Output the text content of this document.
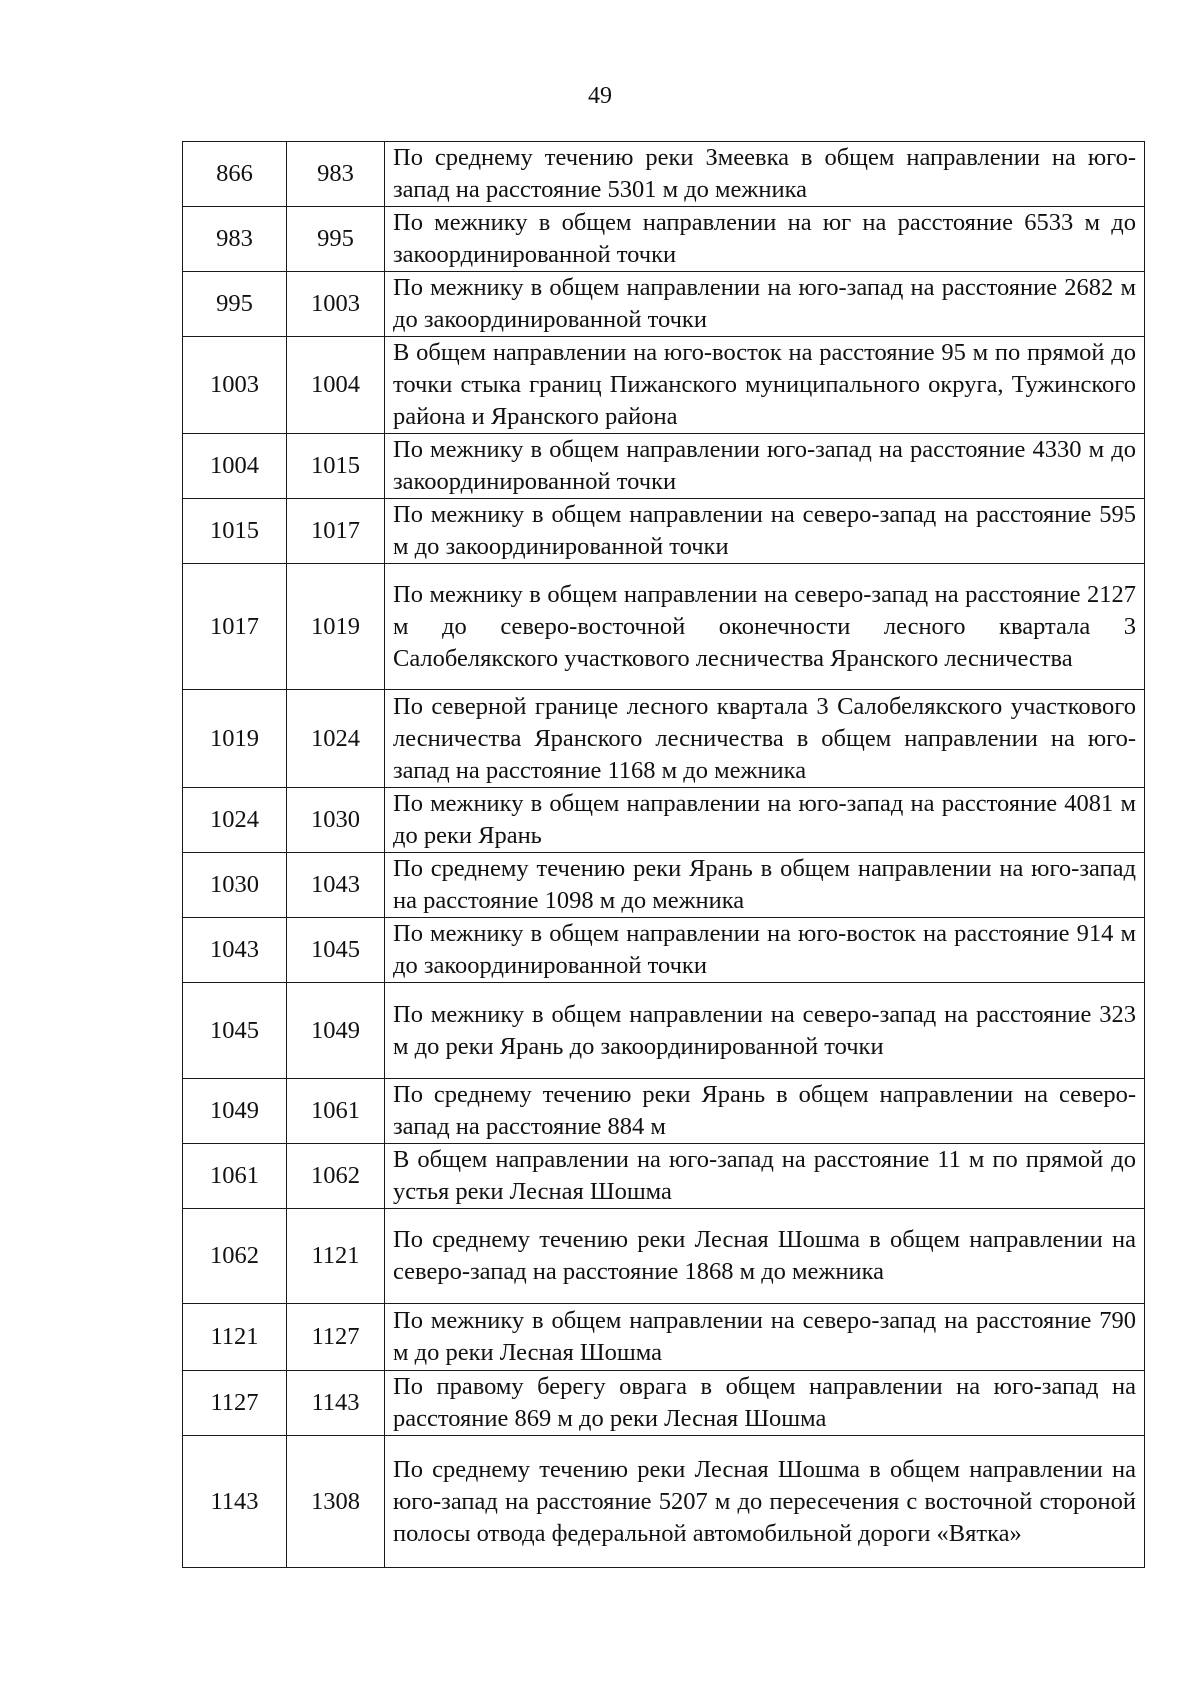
49
866	983	По среднему течению реки Змеевка в общем направлении на юго-запад на расстояние 5301 м до межника
983	995	По межнику в общем направлении на юг на расстояние 6533 м до закоординированной точки
995	1003	По межнику в общем направлении на юго-запад на расстояние 2682 м до закоординированной точки
1003	1004	В общем направлении на юго-восток на расстояние 95 м по прямой до точки стыка границ Пижанского муниципального округа, Тужинского района и Яранского района
1004	1015	По межнику в общем направлении юго-запад на расстояние 4330 м до закоординированной точки
1015	1017	По межнику в общем направлении на северо-запад на расстояние 595 м до закоординированной точки
1017	1019	По межнику в общем направлении на северо-запад на расстояние 2127 м до северо-восточной оконечности лесного квартала 3 Салобелякского участкового лесничества Яранского лесничества
1019	1024	По северной границе лесного квартала 3 Салобелякского участкового лесничества Яранского лесничества в общем направлении на юго-запад на расстояние 1168 м до межника
1024	1030	По межнику в общем направлении на юго-запад на расстояние 4081 м до реки Ярань
1030	1043	По среднему течению реки Ярань в общем направлении на юго-запад на расстояние 1098 м до межника
1043	1045	По межнику в общем направлении на юго-восток на расстояние 914 м до закоординированной точки
1045	1049	По межнику в общем направлении на северо-запад на расстояние 323 м до реки Ярань до закоординированной точки
1049	1061	По среднему течению реки Ярань в общем направлении на северо-запад на расстояние 884 м
1061	1062	В общем направлении на юго-запад на расстояние 11 м по прямой до устья реки Лесная Шошма
1062	1121	По среднему течению реки Лесная Шошма в общем направлении на северо-запад на расстояние 1868 м до межника
1121	1127	По межнику в общем направлении на северо-запад на расстояние 790 м до реки Лесная Шошма
1127	1143	По правому берегу оврага в общем направлении на юго-запад на расстояние 869 м до реки Лесная Шошма
1143	1308	По среднему течению реки Лесная Шошма в общем направлении на юго-запад на расстояние 5207 м до пересечения с восточной стороной полосы отвода федеральной автомобильной дороги «Вятка»
